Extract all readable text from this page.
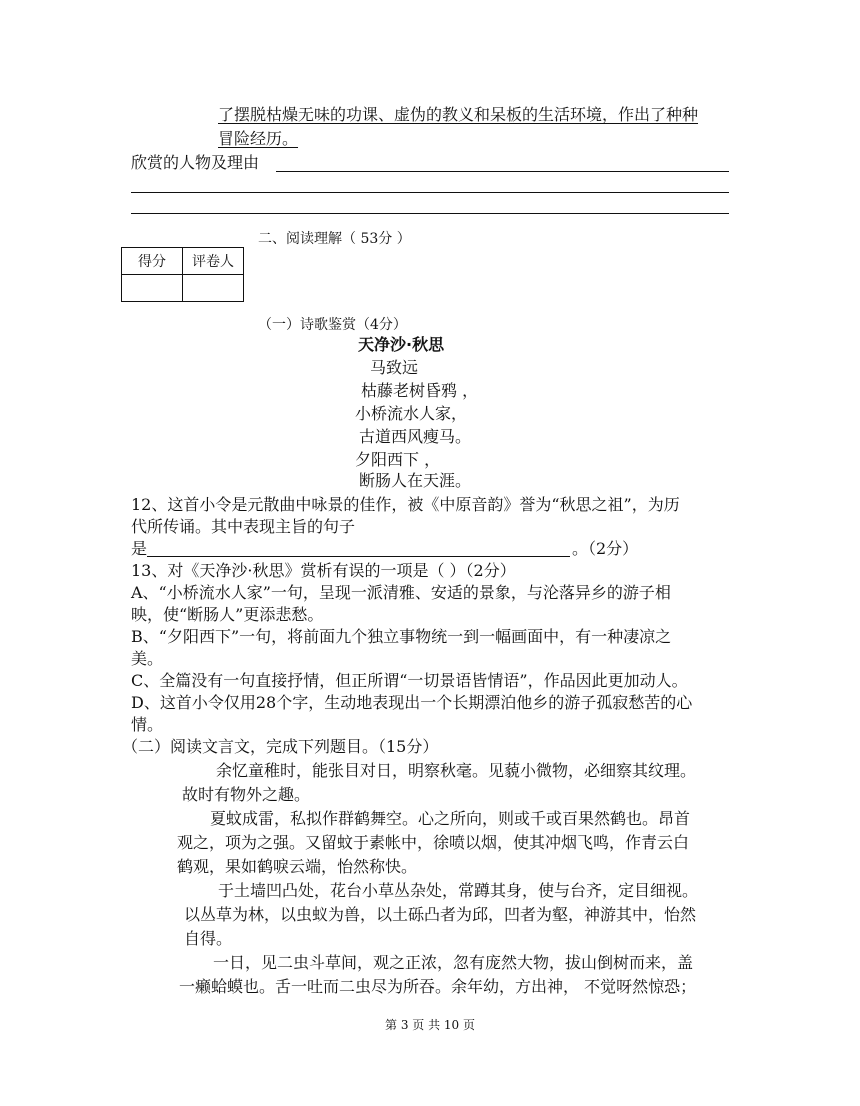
了摆脱枯燥无味的功课、虚伪的教义和呆板的生活环境，作出了种种
冒险经历。
欣赏的人物及理由
二、阅读理解（ 53分 ）
得分	评卷人

（一）诗歌鉴赏（4分）
天净沙·秋思
马致远
枯藤老树昏鸦 ，
小桥流水人家，
古道西风瘦马。
夕阳西下 ，
断肠人在天涯。
12、这首小令是元散曲中咏景的佳作，被《中原音韵》誉为“秋思之祖”，为历
代所传诵。其中表现主旨的句子
是	。（2分）
13、对《天净沙·秋思》赏析有误的一项是（ ）（2分）
A、“小桥流水人家”一句，呈现一派清雅、安适的景象，与沦落异乡的游子相
映，使“断肠人”更添悲愁。
B、“夕阳西下”一句，将前面九个独立事物统一到一幅画面中，有一种凄凉之
美。
C、全篇没有一句直接抒情，但正所谓“一切景语皆情语”，作品因此更加动人。
D、这首小令仅用28个字，生动地表现出一个长期漂泊他乡的游子孤寂愁苦的心
情。
（二）阅读文言文，完成下列题目。（15分）
余忆童稚时，能张目对日，明察秋毫。见藐小微物，必细察其纹理。
故时有物外之趣。
夏蚊成雷，私拟作群鹤舞空。心之所向，则或千或百果然鹤也。昂首
观之，项为之强。又留蚊于素帐中，徐喷以烟，使其冲烟飞鸣，作青云白
鹤观，果如鹤唳云端，怡然称快。
于土墙凹凸处，花台小草丛杂处，常蹲其身，使与台齐，定目细视。
以丛草为林，以虫蚁为兽，以土砾凸者为邱，凹者为壑，神游其中，怡然
自得。
一日，见二虫斗草间，观之正浓，忽有庞然大物，拔山倒树而来，盖
一癞蛤蟆也。舌一吐而二虫尽为所吞。余年幼，方出神， 不觉呀然惊恐；
第 3 页 共 10 页
